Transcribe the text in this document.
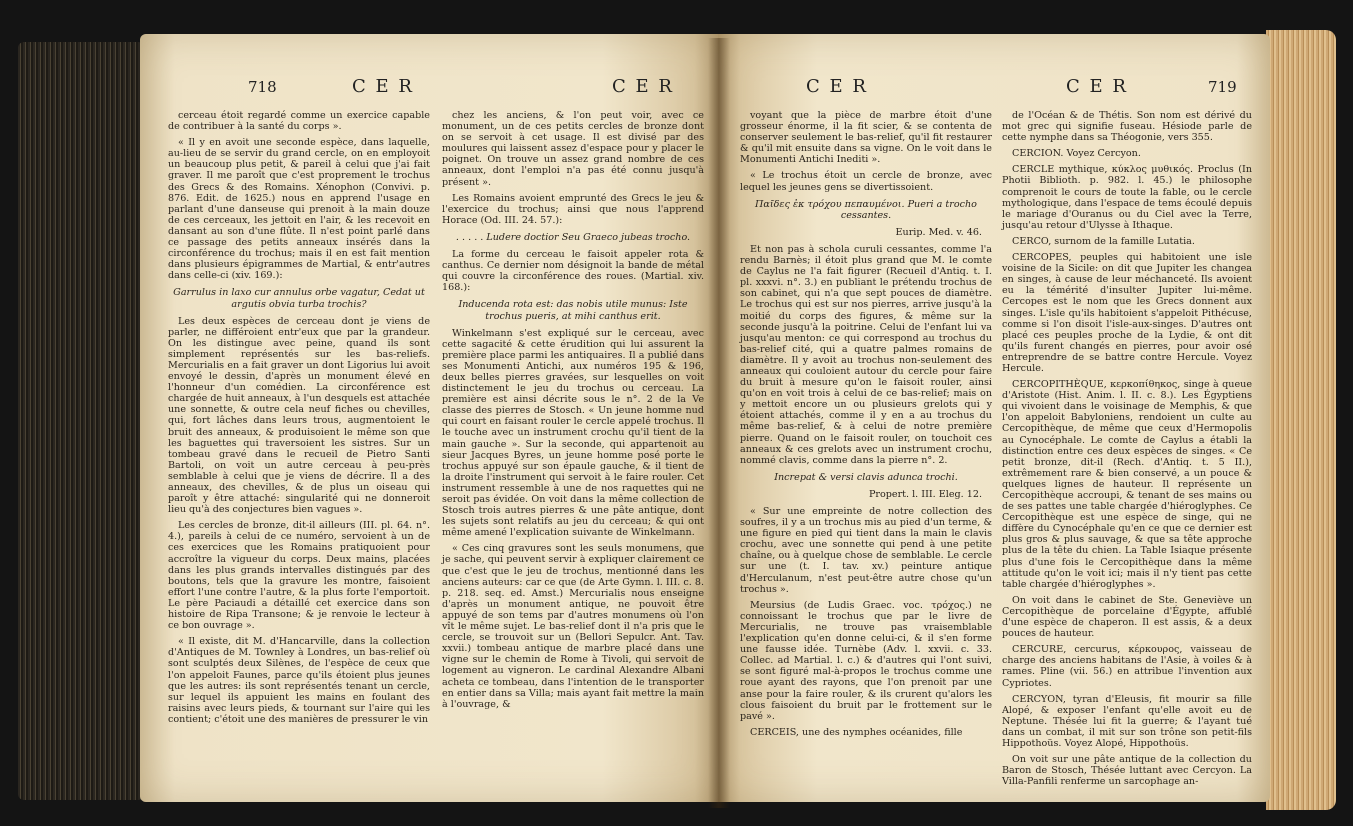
718	C E R	C E R

cerceau étoit regardé comme un exercice capable de contribuer à la santé du corps ».

« Il y en avoit une seconde espèce, dans laquelle, au-lieu de se servir du grand cercle, on en employoit un beaucoup plus petit, & pareil à celui que j'ai fait graver. Il me paroît que c'est proprement le trochus des Grecs & des Romains. Xénophon (Convivi. p. 876. Edit. de 1625.) nous en apprend l'usage en parlant d'une danseuse qui prenoit à la main douze de ces cerceaux, les jettoit en l'air, & les recevoit en dansant au son d'une flûte. Il n'est point parlé dans ce passage des petits anneaux insérés dans la circonférence du trochus; mais il en est fait mention dans plusieurs épigrammes de Martial, & entr'autres dans celle-ci (xiv. 169.):

Garrulus in laxo cur annulus orbe vagatur, Cedat ut argutis obvia turba trochis?

Les deux espèces de cerceau dont je viens de parler, ne différoient entr'eux que par la grandeur. On les distingue avec peine, quand ils sont simplement représentés sur les bas-reliefs. Mercurialis en a fait graver un dont Ligorius lui avoit envoyé le dessin, d'après un monument élevé en l'honneur d'un comédien. La circonférence est chargée de huit anneaux, à l'un desquels est attachée une sonnette, & outre cela neuf fiches ou chevilles, qui, fort lâches dans leurs trous, augmentoient le bruit des anneaux, & produisoient le même son que les baguettes qui traversoient les sistres. Sur un tombeau gravé dans le recueil de Pietro Santi Bartoli, on voit un autre cerceau à peu-près semblable à celui que je viens de décrire. Il a des anneaux, des chevilles, & de plus un oiseau qui paroît y être attaché: singularité qui ne donneroit lieu qu'à des conjectures bien vagues ».

Les cercles de bronze, dit-il ailleurs (III. pl. 64. n°. 4.), pareils à celui de ce numéro, servoient à un de ces exercices que les Romains pratiquoient pour accroître la vigueur du corps. Deux mains, placées dans les plus grands intervalles distingués par des boutons, tels que la gravure les montre, faisoient effort l'une contre l'autre, & la plus forte l'emportoit. Le père Paciaudi a détaillé cet exercice dans son histoire de Ripa Transone; & je renvoie le lecteur à ce bon ouvrage ».

« Il existe, dit M. d'Hancarville, dans la collection d'Antiques de M. Townley à Londres, un bas-relief où sont sculptés deux Silènes, de l'espèce de ceux que l'on appeloit Faunes, parce qu'ils étoient plus jeunes que les autres: ils sont représentés tenant un cercle, sur lequel ils appuient les mains en foulant des raisins avec leurs pieds, & tournant sur l'aire qui les contient; c'étoit une des manières de pressurer le vin

chez les anciens, & l'on peut voir, avec ce monument, un de ces petits cercles de bronze dont on se servoit à cet usage. Il est divisé par des moulures qui laissent assez d'espace pour y placer le poignet. On trouve un assez grand nombre de ces anneaux, dont l'emploi n'a pas été connu jusqu'à présent ».

Les Romains avoient emprunté des Grecs le jeu & l'exercice du trochus; ainsi que nous l'apprend Horace (Od. III. 24. 57.):

. . . . . Ludere doctior Seu Graeco jubeas trocho.

La forme du cerceau le faisoit appeler rota & canthus. Ce dernier nom désignoit la bande de métal qui couvre la circonférence des roues. (Martial. xiv. 168.):

Inducenda rota est: das nobis utile munus: Iste trochus pueris, at mihi canthus erit.

Winkelmann s'est expliqué sur le cerceau, avec cette sagacité & cette érudition qui lui assurent la première place parmi les antiquaires. Il a publié dans ses Monumenti Antichi, aux numéros 195 & 196, deux belles pierres gravées, sur lesquelles on voit distinctement le jeu du trochus ou cerceau. La première est ainsi décrite sous le n°. 2 de la Ve classe des pierres de Stosch. « Un jeune homme nud qui court en faisant rouler le cercle appelé trochus. Il le touche avec un instrument crochu qu'il tient de la main gauche ». Sur la seconde, qui appartenoit au sieur Jacques Byres, un jeune homme posé porte le trochus appuyé sur son épaule gauche, & il tient de la droite l'instrument qui servoit à le faire rouler. Cet instrument ressemble à une de nos raquettes qui ne seroit pas évidée. On voit dans la même collection de Stosch trois autres pierres & une pâte antique, dont les sujets sont relatifs au jeu du cerceau; & qui ont même amené l'explication suivante de Winkelmann.

« Ces cinq gravures sont les seuls monumens, que je sache, qui peuvent servir à expliquer clairement ce que c'est que le jeu de trochus, mentionné dans les anciens auteurs: car ce que (de Arte Gymn. l. III. c. 8. p. 218. seq. ed. Amst.) Mercurialis nous enseigne d'après un monument antique, ne pouvoit être appuyé de son tems par d'autres monumens où l'on vît le même sujet. Le bas-relief dont il n'a pris que le cercle, se trouvoit sur un (Bellori Sepulcr. Ant. Tav. xxvii.) tombeau antique de marbre placé dans une vigne sur le chemin de Rome à Tivoli, qui servoit de logement au vigneron. Le cardinal Alexandre Albani acheta ce tombeau, dans l'intention de le transporter en entier dans sa Villa; mais ayant fait mettre la main à l'ouvrage, &

C E R	C E R	719

voyant que la pièce de marbre étoit d'une grosseur énorme, il la fit scier, & se contenta de conserver seulement le bas-relief, qu'il fit restaurer & qu'il mit ensuite dans sa vigne. On le voit dans le Monumenti Antichi Inediti ».

« Le trochus étoit un cercle de bronze, avec lequel les jeunes gens se divertissoient.

Παῖδες ἐκ τρόχου πεπαυμένοι. Pueri a trocho cessantes.

Eurip. Med. v. 46.

Et non pas à schola curuli cessantes, comme l'a rendu Barnès; il étoit plus grand que M. le comte de Caylus ne l'a fait figurer (Recueil d'Antiq. t. I. pl. xxxvi. n°. 3.) en publiant le prétendu trochus de son cabinet, qui n'a que sept pouces de diamètre. Le trochus qui est sur nos pierres, arrive jusqu'à la moitié du corps des figures, & même sur la seconde jusqu'à la poitrine. Celui de l'enfant lui va jusqu'au menton: ce qui correspond au trochus du bas-relief cité, qui a quatre palmes romains de diamètre. Il y avoit au trochus non-seulement des anneaux qui couloient autour du cercle pour faire du bruit à mesure qu'on le faisoit rouler, ainsi qu'on en voit trois à celui de ce bas-relief; mais on y mettoit encore un ou plusieurs grelots qui y étoient attachés, comme il y en a au trochus du même bas-relief, & à celui de notre première pierre. Quand on le faisoit rouler, on touchoit ces anneaux & ces grelots avec un instrument crochu, nommé clavis, comme dans la pierre n°. 2.

Increpat & versi clavis adunca trochi.

Propert. l. III. Eleg. 12.

« Sur une empreinte de notre collection des soufres, il y a un trochus mis au pied d'un terme, & une figure en pied qui tient dans la main le clavis crochu, avec une sonnette qui pend à une petite chaîne, ou à quelque chose de semblable. Le cercle sur une (t. I. tav. xv.) peinture antique d'Herculanum, n'est peut-être autre chose qu'un trochus ».

Meursius (de Ludis Graec. voc. τρόχος.) ne connoissant le trochus que par le livre de Mercurialis, ne trouve pas vraisemblable l'explication qu'en donne celui-ci, & il s'en forme une fausse idée. Turnèbe (Adv. l. xxvii. c. 33. Collec. ad Martial. l. c.) & d'autres qui l'ont suivi, se sont figuré mal-à-propos le trochus comme une roue ayant des rayons, que l'on prenoit par une anse pour la faire rouler, & ils crurent qu'alors les clous faisoient du bruit par le frottement sur le pavé ».

CERCEIS, une des nymphes océanides, fille

de l'Océan & de Thétis. Son nom est dérivé du mot grec qui signifie fuseau. Hésiode parle de cette nymphe dans sa Théogonie, vers 355.

CERCION. Voyez Cercyon.

CERCLE mythique, κύκλος μυθικός. Proclus (In Photii Biblioth. p. 982. l. 45.) le philosophe comprenoit le cours de toute la fable, ou le cercle mythologique, dans l'espace de tems écoulé depuis le mariage d'Ouranus ou du Ciel avec la Terre, jusqu'au retour d'Ulysse à Ithaque.

CERCO, surnom de la famille Lutatia.

CERCOPES, peuples qui habitoient une isle voisine de la Sicile: on dit que Jupiter les changea en singes, à cause de leur méchanceté. Ils avoient eu la témérité d'insulter Jupiter lui-même. Cercopes est le nom que les Grecs donnent aux singes. L'isle qu'ils habitoient s'appeloit Pithécuse, comme si l'on disoit l'isle-aux-singes. D'autres ont placé ces peuples proche de la Lydie, & ont dit qu'ils furent changés en pierres, pour avoir osé entreprendre de se battre contre Hercule. Voyez Hercule.

CERCOPITHÈQUE, κερκοπίθηκος, singe à queue d'Aristote (Hist. Anim. l. II. c. 8.). Les Égyptiens qui vivoient dans le voisinage de Memphis, & que l'on appeloit Babyloniens, rendoient un culte au Cercopithèque, de même que ceux d'Hermopolis au Cynocéphale. Le comte de Caylus a établi la distinction entre ces deux espèces de singes. « Ce petit bronze, dit-il (Rech. d'Antiq. t. 5 II.), extrêmement rare & bien conservé, a un pouce & quelques lignes de hauteur. Il représente un Cercopithèque accroupi, & tenant de ses mains ou de ses pattes une table chargée d'hiéroglyphes. Ce Cercopithèque est une espèce de singe, qui ne diffère du Cynocéphale qu'en ce que ce dernier est plus gros & plus sauvage, & que sa tête approche plus de la tête du chien. La Table Isiaque présente plus d'une fois le Cercopithèque dans la même attitude qu'on le voit ici; mais il n'y tient pas cette table chargée d'hiéroglyphes ».

On voit dans le cabinet de Ste. Geneviève un Cercopithèque de porcelaine d'Égypte, affublé d'une espèce de chaperon. Il est assis, & a deux pouces de hauteur.

CERCURE, cercurus, κέρκουρος, vaisseau de charge des anciens habitans de l'Asie, à voiles & à rames. Pline (vii. 56.) en attribue l'invention aux Cypriotes.

CERCYON, tyran d'Eleusis, fit mourir sa fille Alopé, & exposer l'enfant qu'elle avoit eu de Neptune. Thésée lui fit la guerre; & l'ayant tué dans un combat, il mit sur son trône son petit-fils Hippothoüs. Voyez Alopé, Hippothoüs.

On voit sur une pâte antique de la collection du Baron de Stosch, Thésée luttant avec Cercyon. La Villa-Panfili renferme un sarcophage an-
